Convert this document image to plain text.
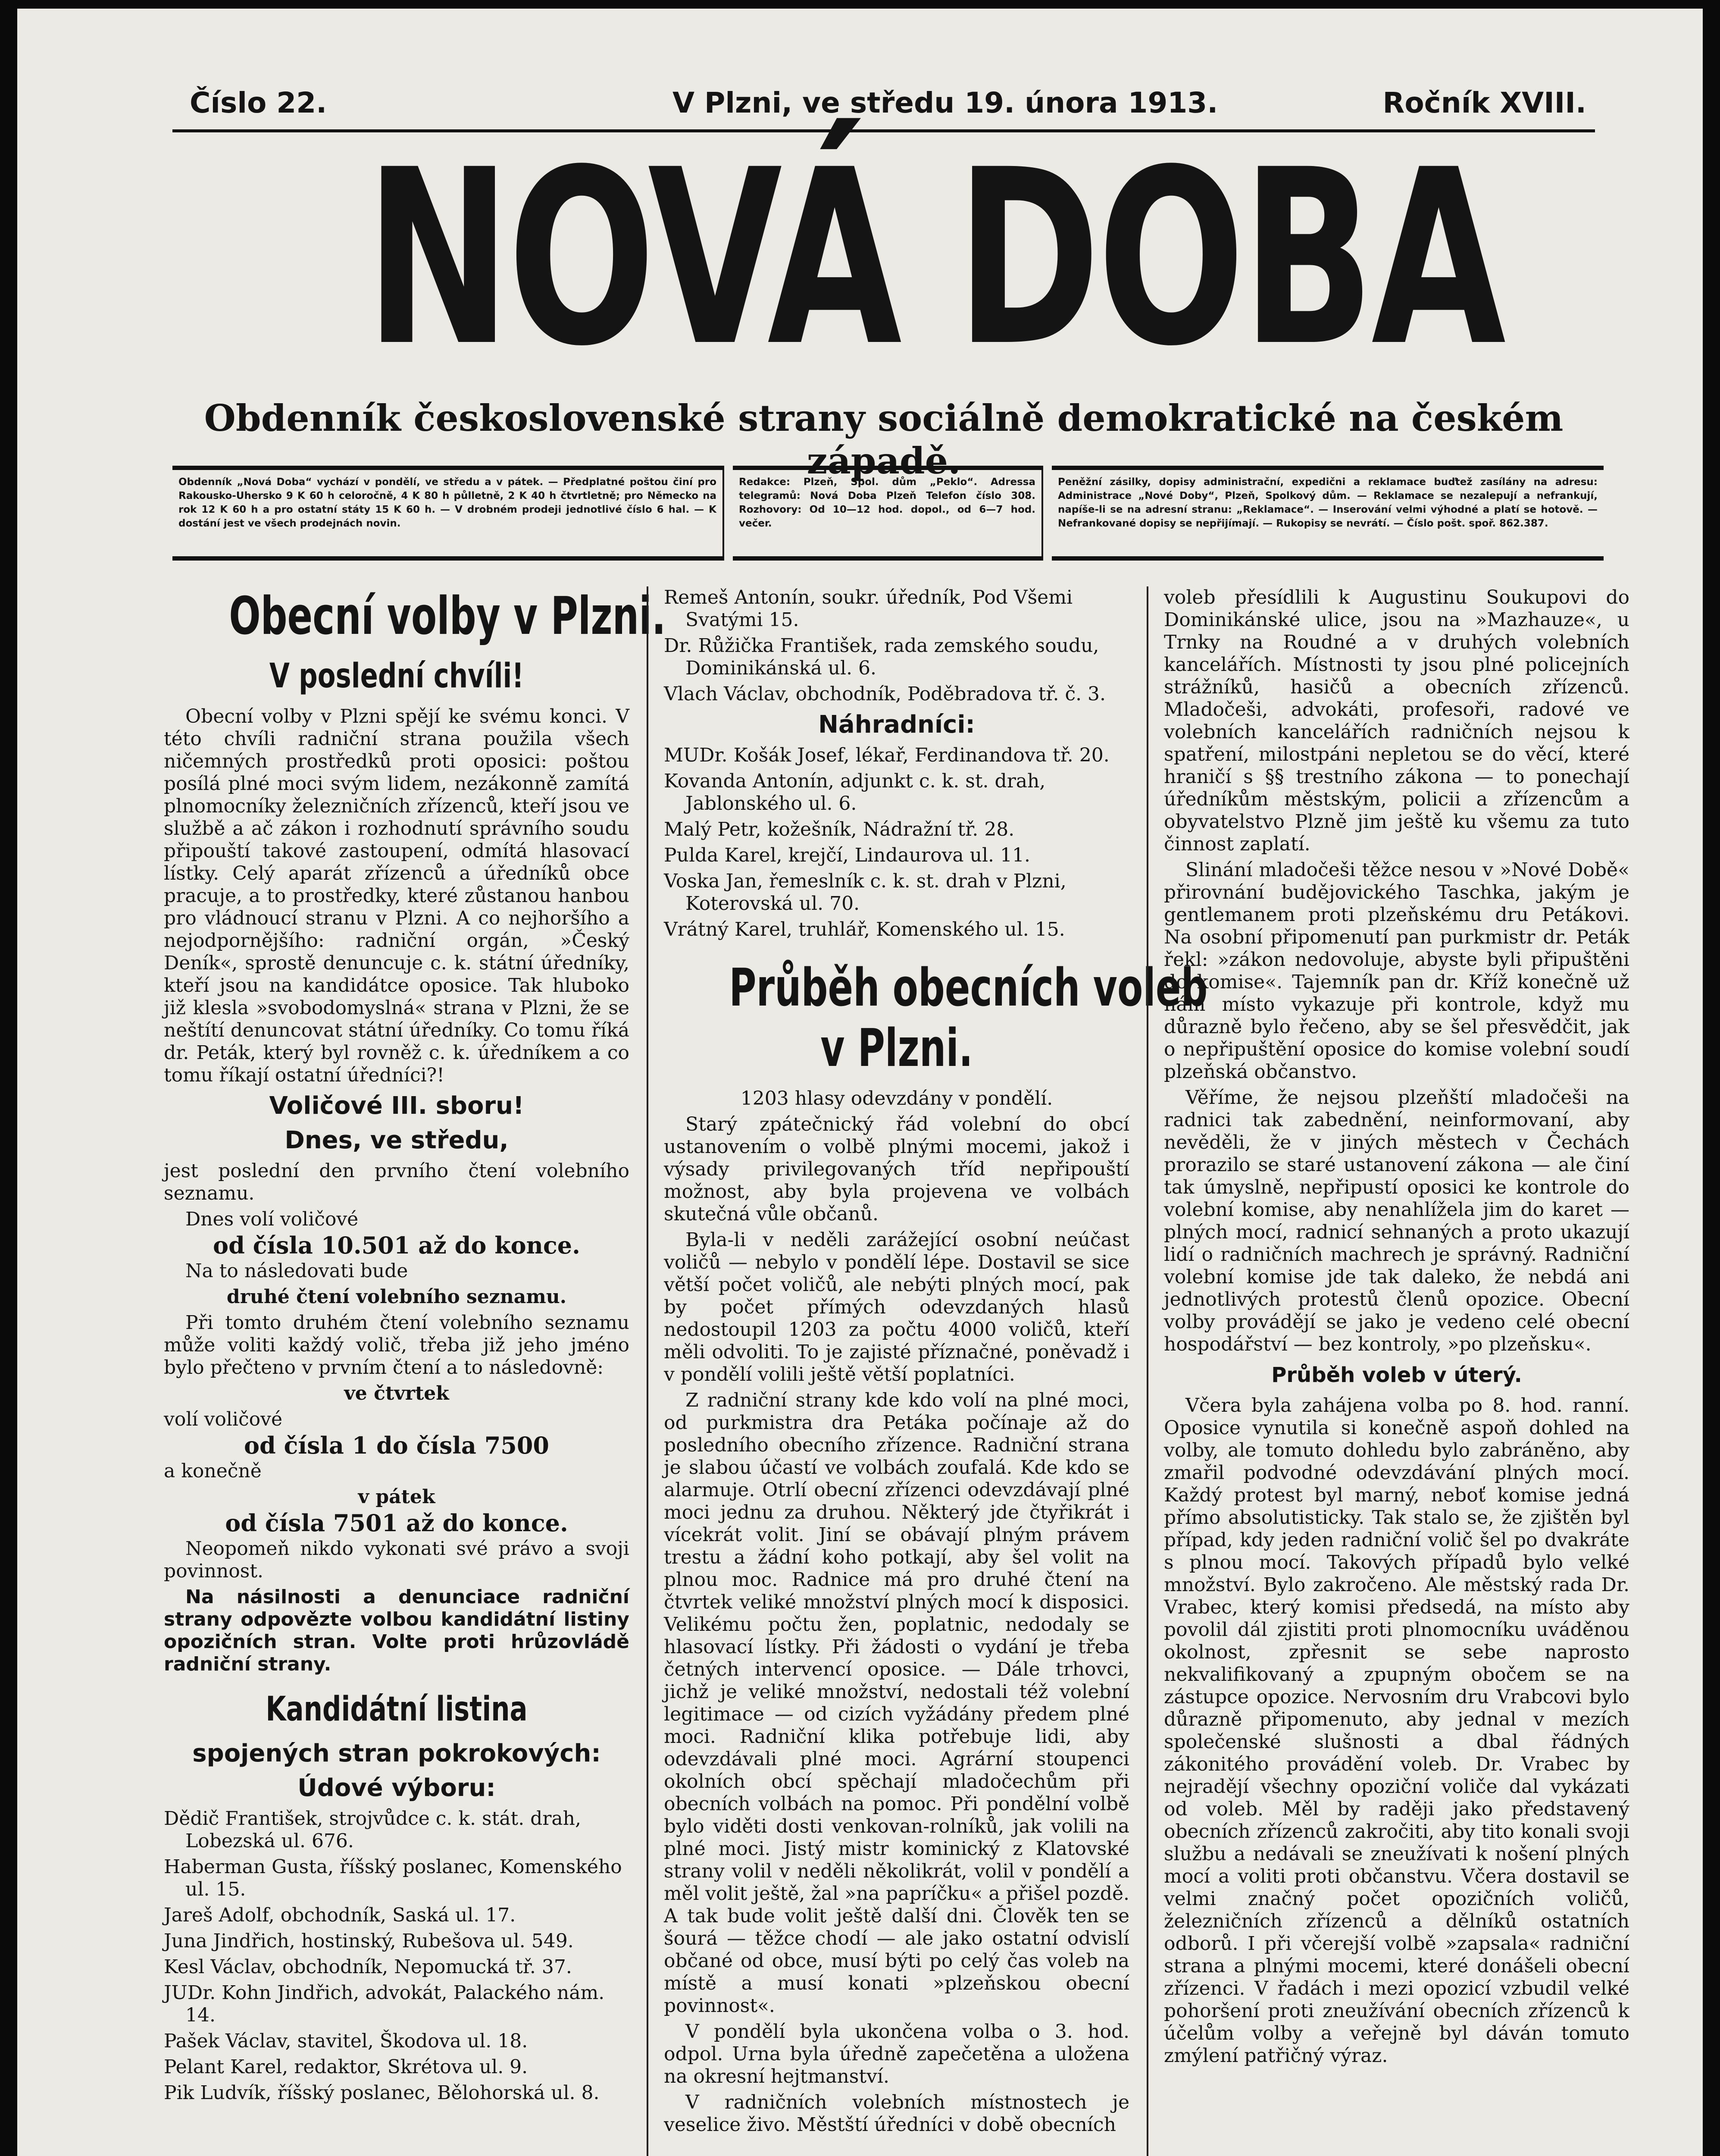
Číslo 22.	V Plzni, ve středu 19. února 1913.	Ročník XVIII.
NOVÁ DOBA
Obdenník československé strany sociálně demokratické na českém západě.
Obdenník „Nová Doba“ vychází v pondělí, ve středu a v pátek. — Předplatné poštou činí pro Rakousko-Uhersko 9 K 60 h celoročně, 4 K 80 h půlletně, 2 K 40 h čtvrtletně; pro Německo na rok 12 K 60 h a pro ostatní státy 15 K 60 h. — V drobném prodeji jednotlivé číslo 6 hal. — K dostání jest ve všech prodejnách novin.
Redakce: Plzeň, Spol. dům „Peklo“. Adressa telegramů: Nová Doba Plzeň Telefon číslo 308. Rozhovory: Od 10—12 hod. dopol., od 6—7 hod. večer.
Peněžní zásilky, dopisy administrační, expedični a reklamace buďtež zasílány na adresu: Administrace „Nové Doby“, Plzeň, Spolkový dům. — Reklamace se nezalepují a nefrankují, napíše-li se na adresní stranu: „Reklamace“. — Inserování velmi výhodné a platí se hotově. — Nefrankované dopisy se nepřijímají. — Rukopisy se nevrátí. — Číslo pošt. spoř. 862.387.
Obecní volby v Plzni.
V poslední chvíli!

Obecní volby v Plzni spějí ke svému konci. V této chvíli radniční strana použila všech ničemných prostředků proti oposici: poštou posílá plné moci svým lidem, nezákonně zamítá plnomocníky železničních zřízenců, kteří jsou ve službě a ač zákon i rozhodnutí správního soudu připouští takové zastoupení, odmítá hlasovací lístky. Celý aparát zřízenců a úředníků obce pracuje, a to prostředky, které zůstanou hanbou pro vládnoucí stranu v Plzni. A co nejhoršího a nejodpornějšího: radniční orgán, »Český Deník«, sprostě denuncuje c. k. státní úředníky, kteří jsou na kandidátce oposice. Tak hluboko již klesla »svobodomyslná« strana v Plzni, že se neštítí denuncovat státní úředníky. Co tomu říká dr. Peták, který byl rovněž c. k. úředníkem a co tomu říkají ostatní úředníci?!

Voličové III. sboru!
Dnes, ve středu,

jest poslední den prvního čtení volebního seznamu.

Dnes volí voličové

od čísla 10.501 až do konce.

Na to následovati bude

druhé čtení volebního seznamu.

Při tomto druhém čtení volebního seznamu může voliti každý volič, třeba již jeho jméno bylo přečteno v prvním čtení a to následovně:

ve čtvrtek

volí voličové

od čísla 1 do čísla 7500

a konečně

v pátek

od čísla 7501 až do konce.

Neopomeň nikdo vykonati své právo a svoji povinnost.

Na násilnosti a denunciace radniční strany odpovězte volbou kandidátní listiny opozičních stran. Volte proti hrůzovládě radniční strany.

Kandidátní listina
spojených stran pokrokových:
Údové výboru:

Dědič František, strojvůdce c. k. stát. drah, Lobezská ul. 676.

Haberman Gusta, říšský poslanec, Komenského ul. 15.

Jareš Adolf, obchodník, Saská ul. 17.

Juna Jindřich, hostinský, Rubešova ul. 549.

Kesl Václav, obchodník, Nepomucká tř. 37.

JUDr. Kohn Jindřich, advokát, Palackého nám. 14.

Pašek Václav, stavitel, Škodova ul. 18.

Pelant Karel, redaktor, Skrétova ul. 9.

Pik Ludvík, říšský poslanec, Bělohorská ul. 8.

Remeš Antonín, soukr. úředník, Pod Všemi Svatými 15.

Dr. Růžička František, rada zemského soudu, Dominikánská ul. 6.

Vlach Václav, obchodník, Poděbradova tř. č. 3.

Náhradníci:

MUDr. Košák Josef, lékař, Ferdinandova tř. 20.

Kovanda Antonín, adjunkt c. k. st. drah, Jablonského ul. 6.

Malý Petr, kožešník, Nádražní tř. 28.

Pulda Karel, krejčí, Lindaurova ul. 11.

Voska Jan, řemeslník c. k. st. drah v Plzni, Koterovská ul. 70.

Vrátný Karel, truhlář, Komenského ul. 15.

Průběh obecních voleb
v Plzni.

1203 hlasy odevzdány v pondělí.

Starý zpátečnický řád volební do obcí ustanovením o volbě plnými mocemi, jakož i výsady privilegovaných tříd nepřipouští možnost, aby byla projevena ve volbách skutečná vůle občanů.

Byla-li v neděli zarážející osobní neúčast voličů — nebylo v pondělí lépe. Dostavil se sice větší počet voličů, ale nebýti plných mocí, pak by počet přímých odevzdaných hlasů nedostoupil 1203 za počtu 4000 voličů, kteří měli odvoliti. To je zajisté příznačné, poněvadž i v pondělí volili ještě větší poplatníci.

Z radniční strany kde kdo volí na plné moci, od purkmistra dra Petáka počínaje až do posledního obecního zřízence. Radniční strana je slabou účastí ve volbách zoufalá. Kde kdo se alarmuje. Otrlí obecní zřízenci odevzdávají plné moci jednu za druhou. Některý jde čtyřikrát i vícekrát volit. Jiní se obávají plným právem trestu a žádní koho potkají, aby šel volit na plnou moc. Radnice má pro druhé čtení na čtvrtek veliké množství plných mocí k disposici. Velikému počtu žen, poplatnic, nedodaly se hlasovací lístky. Při žádosti o vydání je třeba četných intervencí oposice. — Dále trhovci, jichž je veliké množství, nedostali též volební legitimace — od cizích vyžádány předem plné moci. Radniční klika potřebuje lidi, aby odevzdávali plné moci. Agrární stoupenci okolních obcí spěchají mladočechům při obecních volbách na pomoc. Při pondělní volbě bylo viděti dosti venkovan-rolníků, jak volili na plné moci. Jistý mistr kominický z Klatovské strany volil v neděli několikrát, volil v pondělí a měl volit ještě, žal »na papríčku« a přišel pozdě. A tak bude volit ještě další dni. Člověk ten se šourá — těžce chodí — ale jako ostatní odvislí občané od obce, musí býti po celý čas voleb na místě a musí konati »plzeňskou obecní povinnost«.

V pondělí byla ukončena volba o 3. hod. odpol. Urna byla úředně zapečetěna a uložena na okresní hejtmanství.

V radničních volebních místnostech je veselice živo. Městští úředníci v době obecních

voleb přesídlili k Augustinu Soukupovi do Dominikánské ulice, jsou na »Mazhauze«, u Trnky na Roudné a v druhých volebních kancelářích. Místnosti ty jsou plné policejních strážníků, hasičů a obecních zřízenců. Mladočeši, advokáti, profesoři, radové ve volebních kancelářích radničních nejsou k spatření, milostpáni nepletou se do věcí, které hraničí s §§ trestního zákona — to ponechají úředníkům městským, policii a zřízencům a obyvatelstvo Plzně jim ještě ku všemu za tuto činnost zaplatí.

Slinání mladočeši těžce nesou v »Nové Době« přirovnání budějovického Taschka, jakým je gentlemanem proti plzeňskému dru Petákovi. Na osobní připomenutí pan purkmistr dr. Peták řekl: »zákon nedovoluje, abyste byli připuštěni do komise«. Tajemník pan dr. Kříž konečně už nám místo vykazuje při kontrole, když mu důrazně bylo řečeno, aby se šel přesvědčit, jak o nepřipuštění oposice do komise volební soudí plzeňská občanstvo.

Věříme, že nejsou plzeňští mladočeši na radnici tak zabednění, neinformovaní, aby nevěděli, že v jiných městech v Čechách prorazilo se staré ustanovení zákona — ale činí tak úmyslně, nepřipustí oposici ke kontrole do volební komise, aby nenahlížela jim do karet — plných mocí, radnicí sehnaných a proto ukazují lidí o radničních machrech je správný. Radniční volební komise jde tak daleko, že nebdá ani jednotlivých protestů členů opozice. Obecní volby provádějí se jako je vedeno celé obecní hospodářství — bez kontroly, »po plzeňsku«.

Průběh voleb v úterý.

Včera byla zahájena volba po 8. hod. ranní. Oposice vynutila si konečně aspoň dohled na volby, ale tomuto dohledu bylo zabráněno, aby zmařil podvodné odevzdávání plných mocí. Každý protest byl marný, neboť komise jedná přímo absolutisticky. Tak stalo se, že zjištěn byl případ, kdy jeden radniční volič šel po dvakráte s plnou mocí. Takových případů bylo velké množství. Bylo zakročeno. Ale městský rada Dr. Vrabec, který komisi předsedá, na místo aby povolil dál zjistiti proti plnomocníku uváděnou okolnost, zpřesnit se sebe naprosto nekvalifikovaný a zpupným obočem se na zástupce opozice. Nervosním dru Vrabcovi bylo důrazně připomenuto, aby jednal v mezích společenské slušnosti a dbal řádných zákonitého provádění voleb. Dr. Vrabec by nejradějí všechny opoziční voliče dal vykázati od voleb. Měl by raději jako představený obecních zřízenců zakročiti, aby tito konali svoji službu a nedávali se zneužívati k nošení plných mocí a voliti proti občanstvu. Včera dostavil se velmi značný počet opozičních voličů, železničních zřízenců a dělníků ostatních odborů. I při včerejší volbě »zapsala« radniční strana a plnými mocemi, které donášeli obecní zřízenci. V řadách i mezi opozicí vzbudil velké pohoršení proti zneužívání obecních zřízenců k účelům volby a veřejně byl dáván tomuto zmýlení patřičný výraz.
